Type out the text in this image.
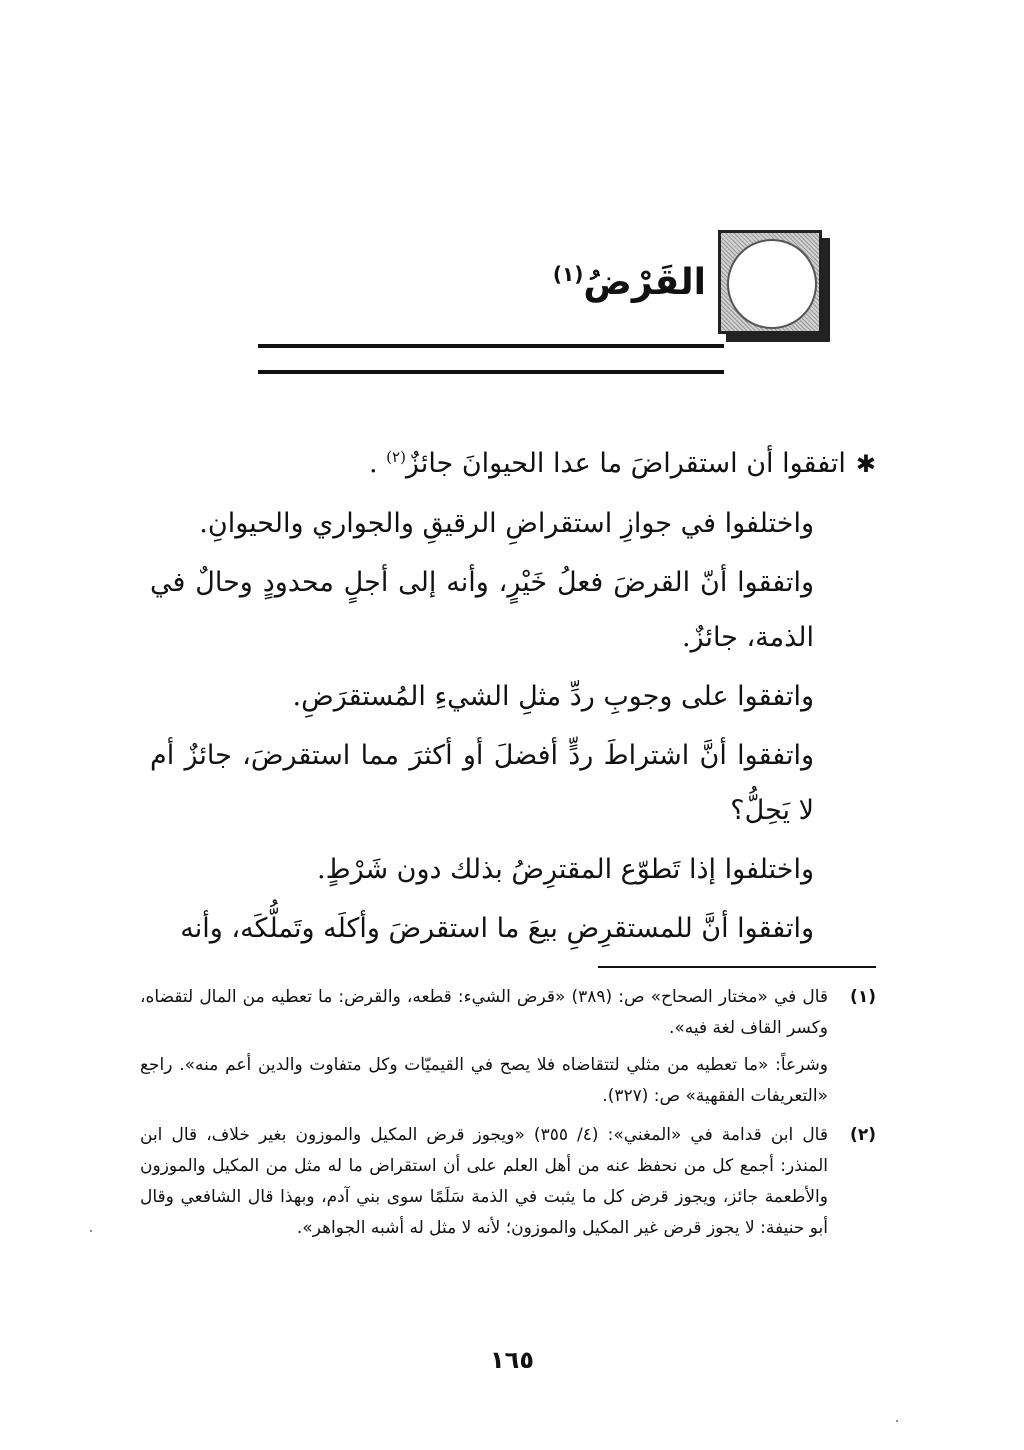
القَرْضُ$^{(١)}$

✱اتفقوا أن استقراضَ ما عدا الحيوانَ جائزٌ$^{(٢)}$ .

واختلفوا في جوازِ استقراضِ الرقيقِ والجواري والحيوانِ.

واتفقوا أنّ القرضَ فعلُ خَيْرٍ، وأنه إلى أجلٍ محدودٍ وحالٌ في الذمة، جائزٌ.

واتفقوا على وجوبِ ردِّ مثلِ الشيءِ المُستقرَضِ.

واتفقوا أنَّ اشتراطَ ردٍّ أفضلَ أو أكثرَ مما استقرضَ، جائزٌ أم لا يَحِلُّ؟

واختلفوا إذا تَطوّع المقترِضُ بذلك دون شَرْطٍ.

واتفقوا أنَّ للمستقرِضِ بيعَ ما استقرضَ وأكلَه وتَملُّكَه، وأنه

(١)

قال في «مختار الصحاح» ص: (٣٨٩) «قرض الشيء: قطعه، والقرض: ما تعطيه من المال لتقضاه، وكسر القاف لغة فيه».

وشرعاً: «ما تعطيه من مثلي لتتقاضاه فلا يصح في القيميّات وكل متفاوت والدين أعم منه». راجع «التعريفات الفقهية» ص: (٣٢٧).
(٢)

قال ابن قدامة في «المغني»: (٤/ ٣٥٥) «ويجوز قرض المكيل والموزون بغير خلاف، قال ابن المنذر: أجمع كل من نحفظ عنه من أهل العلم على أن استقراض ما له مثل من المكيل والموزون والأطعمة جائز، ويجوز قرض كل ما يثبت في الذمة سَلَمًا سوى بني آدم، وبهذا قال الشافعي وقال أبو حنيفة: لا يجوز قرض غير المكيل والموزون؛ لأنه لا مثل له أشبه الجواهر».

١٦٥
